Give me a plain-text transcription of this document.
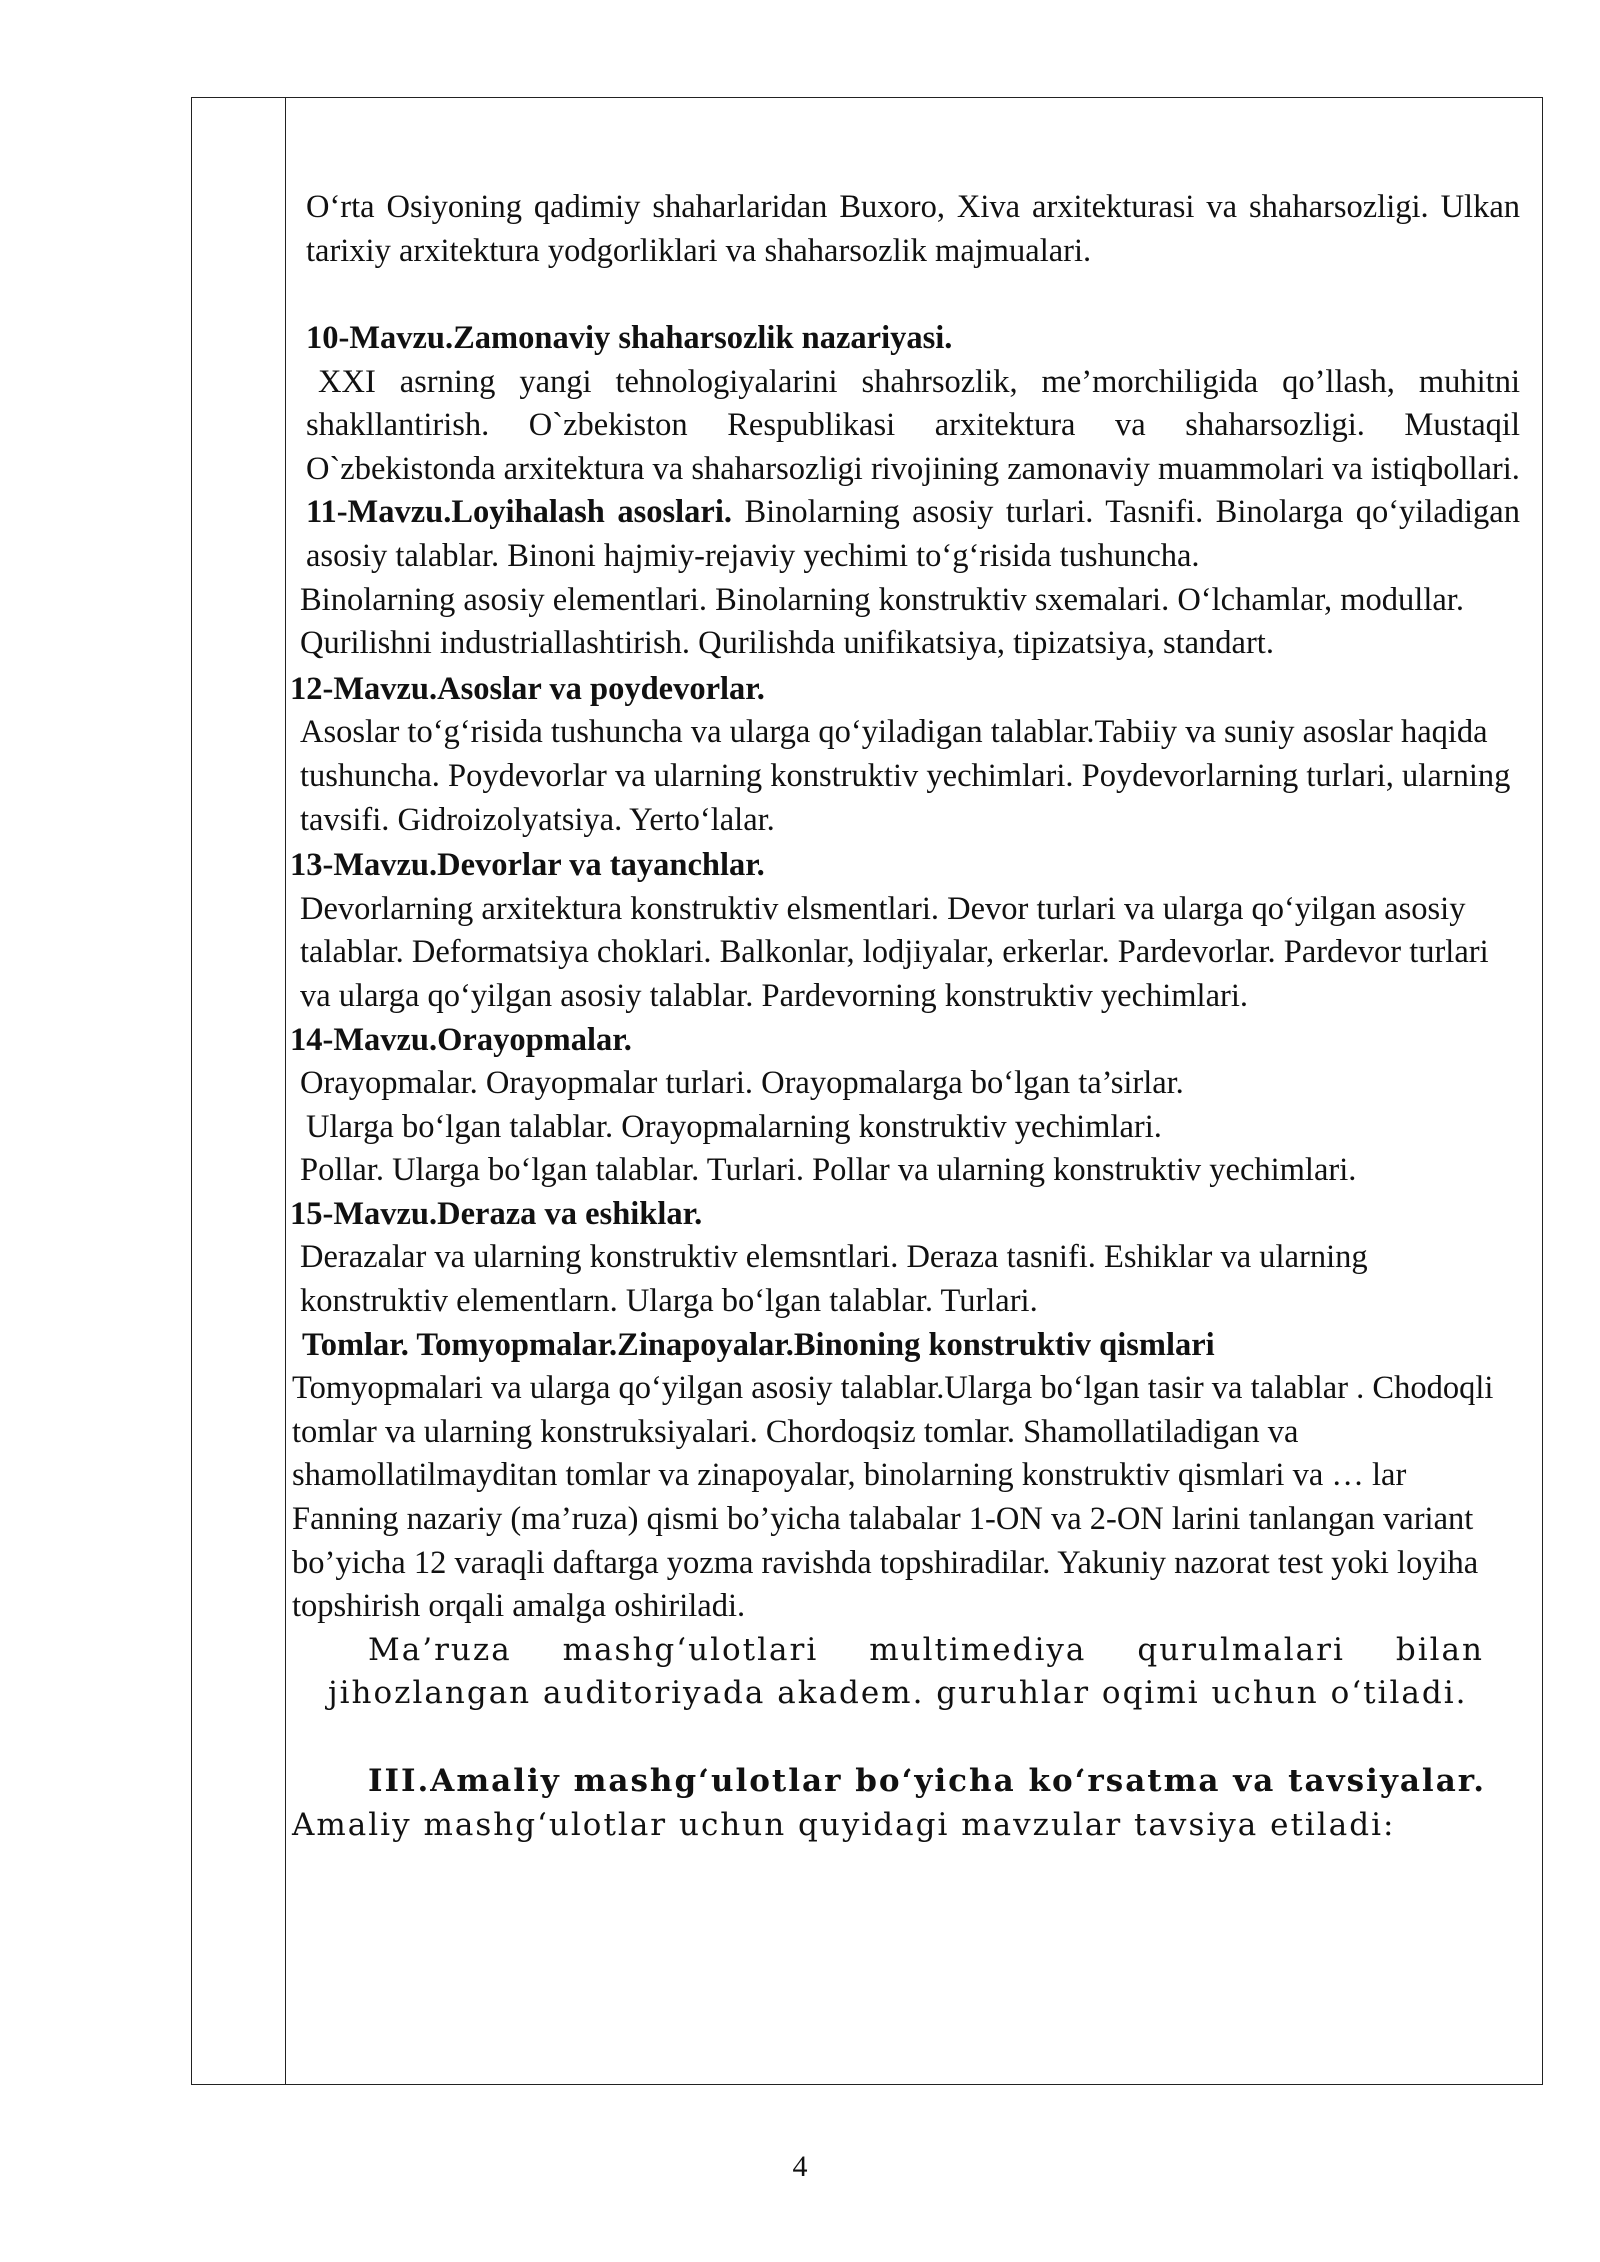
O‘rta Osiyoning qadimiy shaharlaridan Buxoro, Xiva arxitekturasi va shaharsozligi. Ulkan tarixiy arxitektura yodgorliklari va shaharsozlik majmualari.

10-Mavzu.Zamonaviy shaharsozlik nazariyasi.

XXI asrning yangi tehnologiyalarini shahrsozlik, me’morchiligida qo’llash, muhitni shakllantirish. O`zbekiston Respublikasi arxitektura va shaharsozligi. Mustaqil O`zbekistonda arxitektura va shaharsozligi rivojining zamonaviy muammolari va istiqbollari.

11-Mavzu.Loyihalash asoslari. Binolarning asosiy turlari. Tasnifi. Binolarga qo‘yiladigan asosiy talablar. Binoni hajmiy-rejaviy yechimi to‘g‘risida tushuncha.

Binolarning asosiy elementlari. Binolarning konstruktiv sxemalari. O‘lchamlar, modullar. Qurilishni industriallashtirish. Qurilishda unifikatsiya, tipizatsiya, standart.

12-Mavzu.Asoslar va poydevorlar.

Asoslar to‘g‘risida tushuncha va ularga qo‘yiladigan talablar.Tabiiy va suniy asoslar haqida tushuncha. Poydevorlar va ularning konstruktiv yechimlari. Poydevorlarning turlari, ularning tavsifi. Gidroizolyatsiya. Yerto‘lalar.

13-Mavzu.Devorlar va tayanchlar.

Devorlarning arxitektura konstruktiv elsmentlari. Devor turlari va ularga qo‘yilgan asosiy talablar. Deformatsiya choklari. Balkonlar, lodjiyalar, erkerlar. Pardevorlar. Pardevor turlari va ularga qo‘yilgan asosiy talablar. Pardevorning konstruktiv yechimlari.

14-Mavzu.Orayopmalar.

Orayopmalar. Orayopmalar turlari. Orayopmalarga bo‘lgan ta’sirlar.

Ularga bo‘lgan talablar. Orayopmalarning konstruktiv yechimlari.

Pollar. Ularga bo‘lgan talablar. Turlari. Pollar va ularning konstruktiv yechimlari.

15-Mavzu.Deraza va eshiklar.

Derazalar va ularning konstruktiv elemsntlari. Deraza tasnifi. Eshiklar va ularning konstruktiv elementlarn. Ularga bo‘lgan talablar. Turlari.

Tomlar. Tomyopmalar.Zinapoyalar.Binoning konstruktiv qismlari

Tomyopmalari va ularga qo‘yilgan asosiy talablar.Ularga bo‘lgan tasir va talablar . Chodoqli tomlar va ularning konstruksiyalari. Chordoqsiz tomlar. Shamollatiladigan va shamollatilmayditan tomlar va zinapoyalar, binolarning konstruktiv qismlari va … lar

Fanning nazariy (ma’ruza) qismi bo’yicha talabalar 1-ON va 2-ON larini tanlangan variant bo’yicha 12 varaqli daftarga yozma ravishda topshiradilar. Yakuniy nazorat test yoki loyiha topshirish orqali amalga oshiriladi.

Ma’ruza mashg‘ulotlari multimediya qurulmalari bilan

jihozlangan auditoriyada akadem. guruhlar oqimi uchun o‘tiladi.

III.Amaliy mashg‘ulotlar bo‘yicha ko‘rsatma va tavsiyalar.

Amaliy mashg‘ulotlar uchun quyidagi mavzular tavsiya etiladi:

4
